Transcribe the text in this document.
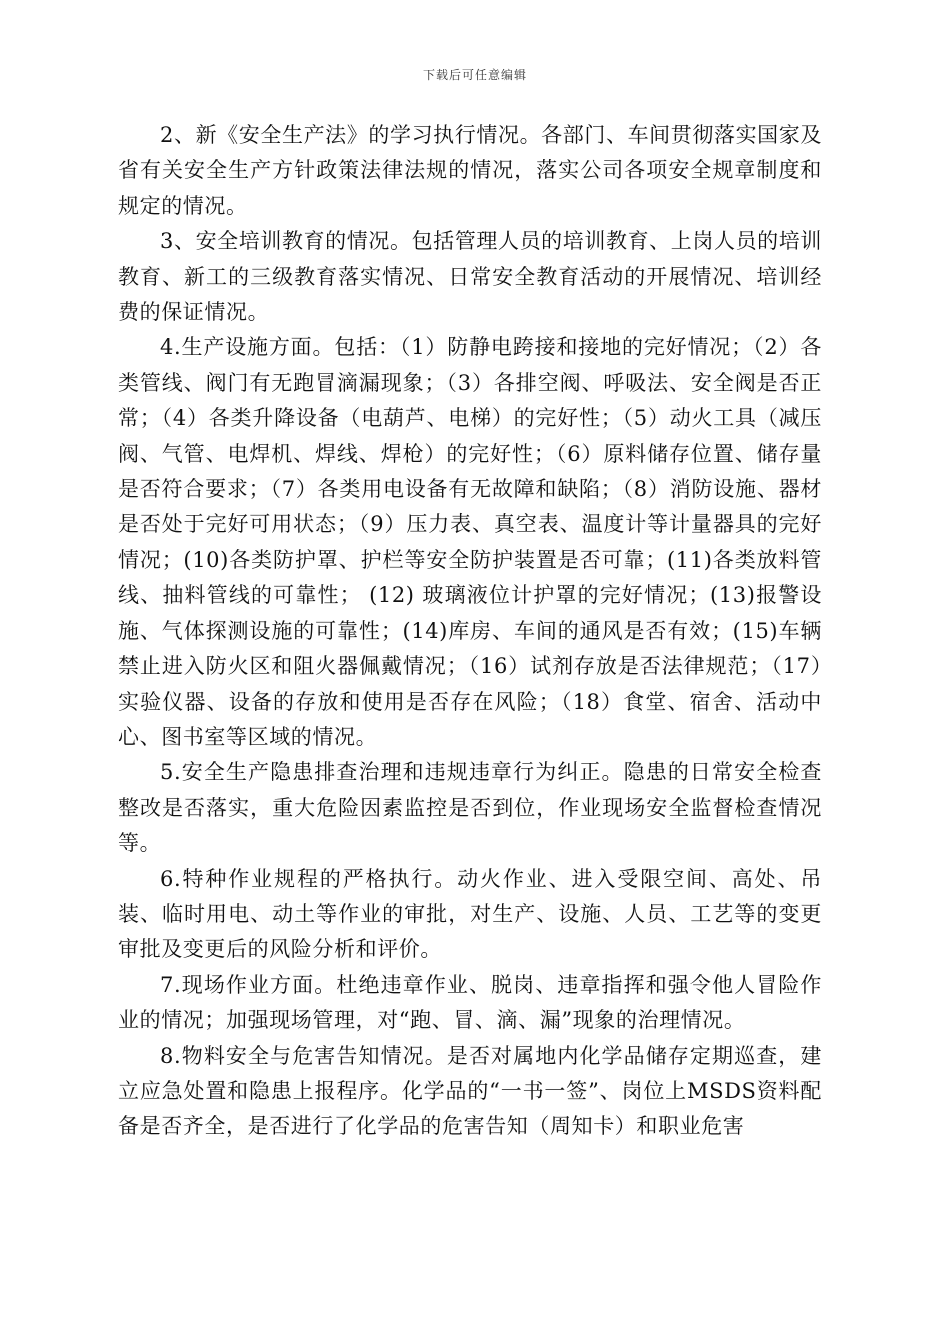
下载后可任意编辑

2、新《安全生产法》的学习执行情况。各部门、车间贯彻落实国家及省有关安全生产方针政策法律法规的情况，落实公司各项安全规章制度和规定的情况。

3、安全培训教育的情况。包括管理人员的培训教育、上岗人员的培训教育、新工的三级教育落实情况、日常安全教育活动的开展情况、培训经费的保证情况。

4.生产设施方面。包括：（1）防静电跨接和接地的完好情况；（2）各类管线、阀门有无跑冒滴漏现象；（3）各排空阀、呼吸法、安全阀是否正常；（4）各类升降设备（电葫芦、电梯）的完好性；（5）动火工具（减压阀、气管、电焊机、焊线、焊枪）的完好性；（6）原料储存位置、储存量是否符合要求；（7）各类用电设备有无故障和缺陷；（8）消防设施、器材是否处于完好可用状态；（9）压力表、真空表、温度计等计量器具的完好情况；(10)各类防护罩、护栏等安全防护装置是否可靠；(11)各类放料管线、抽料管线的可靠性； (12) 玻璃液位计护罩的完好情况；(13)报警设施、气体探测设施的可靠性；(14)库房、车间的通风是否有效；(15)车辆禁止进入防火区和阻火器佩戴情况；（16）试剂存放是否法律规范；（17）实验仪器、设备的存放和使用是否存在风险；（18）食堂、宿舍、活动中心、图书室等区域的情况。

5.安全生产隐患排查治理和违规违章行为纠正。隐患的日常安全检查整改是否落实，重大危险因素监控是否到位，作业现场安全监督检查情况等。

6.特种作业规程的严格执行。动火作业、进入受限空间、高处、吊装、临时用电、动土等作业的审批，对生产、设施、人员、工艺等的变更审批及变更后的风险分析和评价。

7.现场作业方面。杜绝违章作业、脱岗、违章指挥和强令他人冒险作业的情况；加强现场管理，对“跑、冒、滴、漏”现象的治理情况。

8.物料安全与危害告知情况。是否对属地内化学品储存定期巡查，建立应急处置和隐患上报程序。化学品的“一书一签”、岗位上MSDS资料配备是否齐全，是否进行了化学品的危害告知（周知卡）和职业危害
